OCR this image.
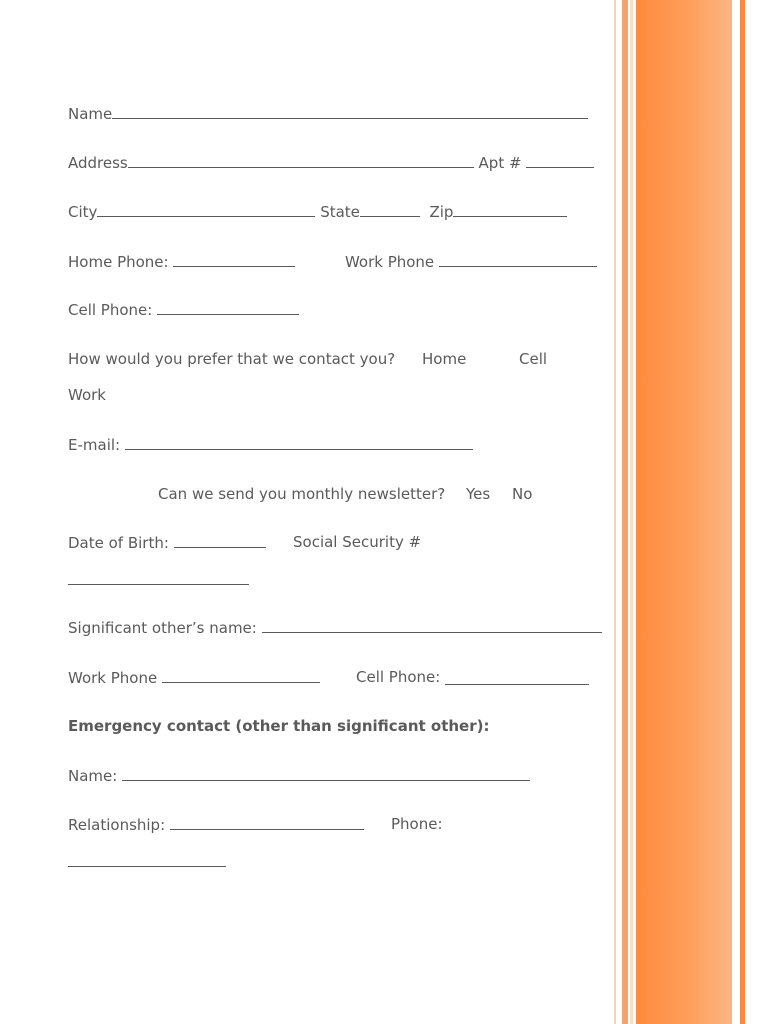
Name
Address	Apt #
City	State	Zip
Home Phone:	Work Phone
Cell Phone:
How would you prefer that we contact you? Home	Cell
Work
E-mail:
Can we send you monthly newsletter? Yes No
Date of Birth:	Social Security #
Significant other’s name:
Work Phone	Cell Phone:
Emergency contact (other than significant other):
Name:
Relationship:	Phone:
